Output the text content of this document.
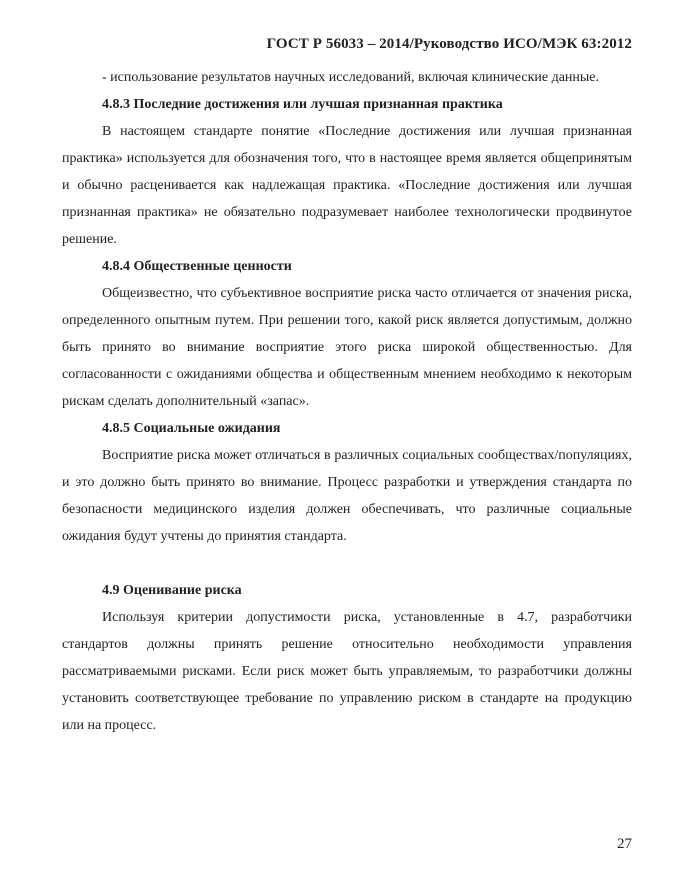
ГОСТ Р 56033 – 2014/Руководство ИСО/МЭК 63:2012

- использование результатов научных исследований, включая клинические данные.

4.8.3 Последние достижения или лучшая признанная практика

В настоящем стандарте понятие «Последние достижения или лучшая признанная практика» используется для обозначения того, что в настоящее время является общепринятым и обычно расценивается как надлежащая практика. «Последние достижения или лучшая признанная практика» не обязательно подразумевает наиболее технологически продвинутое решение.

4.8.4 Общественные ценности

Общеизвестно, что субъективное восприятие риска часто отличается от значения риска, определенного опытным путем. При решении того, какой риск является допустимым, должно быть принято во внимание восприятие этого риска широкой общественностью. Для согласованности с ожиданиями общества и общественным мнением необходимо к некоторым рискам сделать дополнительный «запас».

4.8.5 Социальные ожидания

Восприятие риска может отличаться в различных социальных сообществах/популяциях, и это должно быть принято во внимание. Процесс разработки и утверждения стандарта по безопасности медицинского изделия должен обеспечивать, что различные социальные ожидания будут учтены до принятия стандарта.

4.9 Оценивание риска

Используя критерии допустимости риска, установленные в 4.7, разработчики стандартов должны принять решение относительно необходимости управления рассматриваемыми рисками. Если риск может быть управляемым, то разработчики должны установить соответствующее требование по управлению риском в стандарте на продукцию или на процесс.

27
